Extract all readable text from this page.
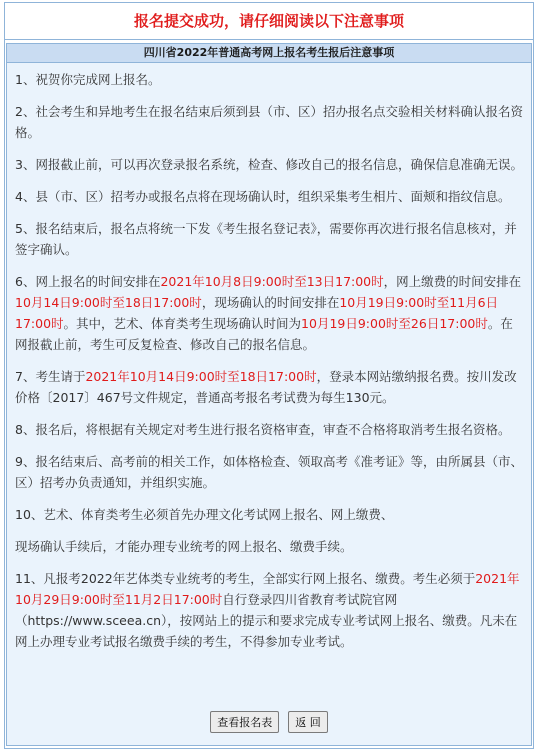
报名提交成功，请仔细阅读以下注意事项
四川省2022年普通高考网上报名考生报后注意事项

1、祝贺你完成网上报名。

2、社会考生和异地考生在报名结束后须到县（市、区）招办报名点交验相关材料确认报名资格。

3、网报截止前，可以再次登录报名系统，检查、修改自己的报名信息，确保信息准确无误。

4、县（市、区）招考办或报名点将在现场确认时，组织采集考生相片、面颊和指纹信息。

5、报名结束后，报名点将统一下发《考生报名登记表》，需要你再次进行报名信息核对，并签字确认。

6、网上报名的时间安排在2021年10月8日9:00时至13日17:00时，网上缴费的时间安排在10月14日9:00时至18日17:00时，现场确认的时间安排在10月19日9:00时至11月6日17:00时。其中，艺术、体育类考生现场确认时间为10月19日9:00时至26日17:00时。在网报截止前，考生可反复检查、修改自己的报名信息。

7、考生请于2021年10月14日9:00时至18日17:00时，登录本网站缴纳报名费。按川发改价格〔2017〕467号文件规定，普通高考报名考试费为每生130元。

8、报名后，将根据有关规定对考生进行报名资格审查，审查不合格将取消考生报名资格。

9、报名结束后、高考前的相关工作，如体格检查、领取高考《准考证》等，由所属县（市、区）招考办负责通知，并组织实施。

10、艺术、体育类考生必须首先办理文化考试网上报名、网上缴费、

现场确认手续后，才能办理专业统考的网上报名、缴费手续。

11、凡报考2022年艺体类专业统考的考生，全部实行网上报名、缴费。考生必须于2021年10月29日9:00时至11月2日17:00时自行登录四川省教育考试院官网（https://www.sceea.cn），按网站上的提示和要求完成专业考试网上报名、缴费。凡未在网上办理专业考试报名缴费手续的考生，不得参加专业考试。

查看报名表 返 回
